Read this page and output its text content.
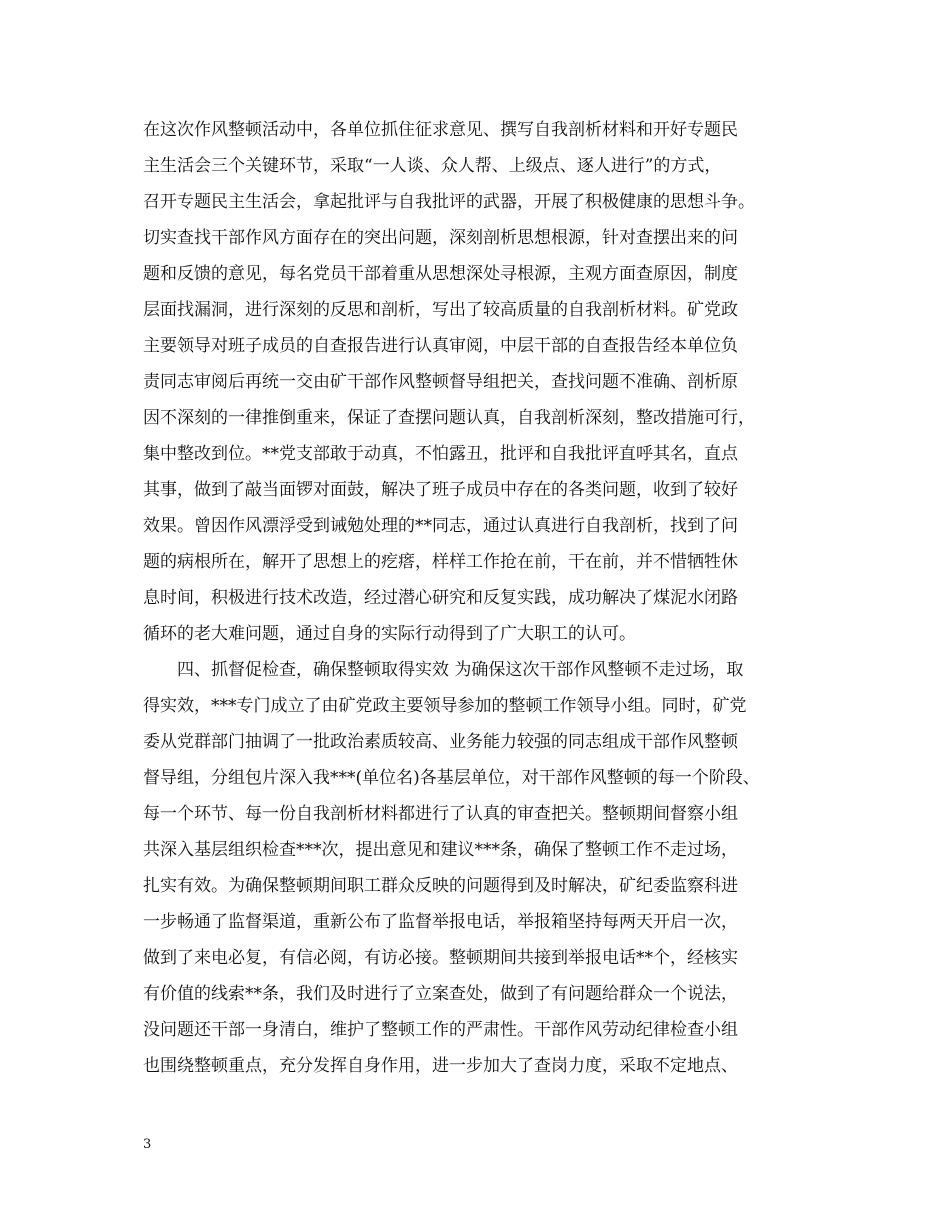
在这次作风整顿活动中，各单位抓住征求意见、撰写自我剖析材料和开好专题民
主生活会三个关键环节，采取“一人谈、众人帮、上级点、逐人进行”的方式，
召开专题民主生活会，拿起批评与自我批评的武器，开展了积极健康的思想斗争。
切实查找干部作风方面存在的突出问题，深刻剖析思想根源，针对查摆出来的问
题和反馈的意见，每名党员干部着重从思想深处寻根源，主观方面查原因，制度
层面找漏洞，进行深刻的反思和剖析，写出了较高质量的自我剖析材料。矿党政
主要领导对班子成员的自查报告进行认真审阅，中层干部的自查报告经本单位负
责同志审阅后再统一交由矿干部作风整顿督导组把关，查找问题不准确、剖析原
因不深刻的一律推倒重来，保证了查摆问题认真，自我剖析深刻，整改措施可行，
集中整改到位。**党支部敢于动真，不怕露丑，批评和自我批评直呼其名，直点
其事，做到了敲当面锣对面鼓，解决了班子成员中存在的各类问题，收到了较好
效果。曾因作风漂浮受到诫勉处理的**同志，通过认真进行自我剖析，找到了问
题的病根所在，解开了思想上的疙瘩，样样工作抢在前，干在前，并不惜牺牲休
息时间，积极进行技术改造，经过潜心研究和反复实践，成功解决了煤泥水闭路
循环的老大难问题，通过自身的实际行动得到了广大职工的认可。
　　四、抓督促检查，确保整顿取得实效 为确保这次干部作风整顿不走过场，取
得实效，***专门成立了由矿党政主要领导参加的整顿工作领导小组。同时，矿党
委从党群部门抽调了一批政治素质较高、业务能力较强的同志组成干部作风整顿
督导组，分组包片深入我***(单位名)各基层单位，对干部作风整顿的每一个阶段、
每一个环节、每一份自我剖析材料都进行了认真的审查把关。整顿期间督察小组
共深入基层组织检查***次，提出意见和建议***条，确保了整顿工作不走过场，
扎实有效。为确保整顿期间职工群众反映的问题得到及时解决，矿纪委监察科进
一步畅通了监督渠道，重新公布了监督举报电话，举报箱坚持每两天开启一次，
做到了来电必复，有信必阅，有访必接。整顿期间共接到举报电话**个，经核实
有价值的线索**条，我们及时进行了立案查处，做到了有问题给群众一个说法，
没问题还干部一身清白，维护了整顿工作的严肃性。干部作风劳动纪律检查小组
也围绕整顿重点，充分发挥自身作用，进一步加大了查岗力度，采取不定地点、
3
